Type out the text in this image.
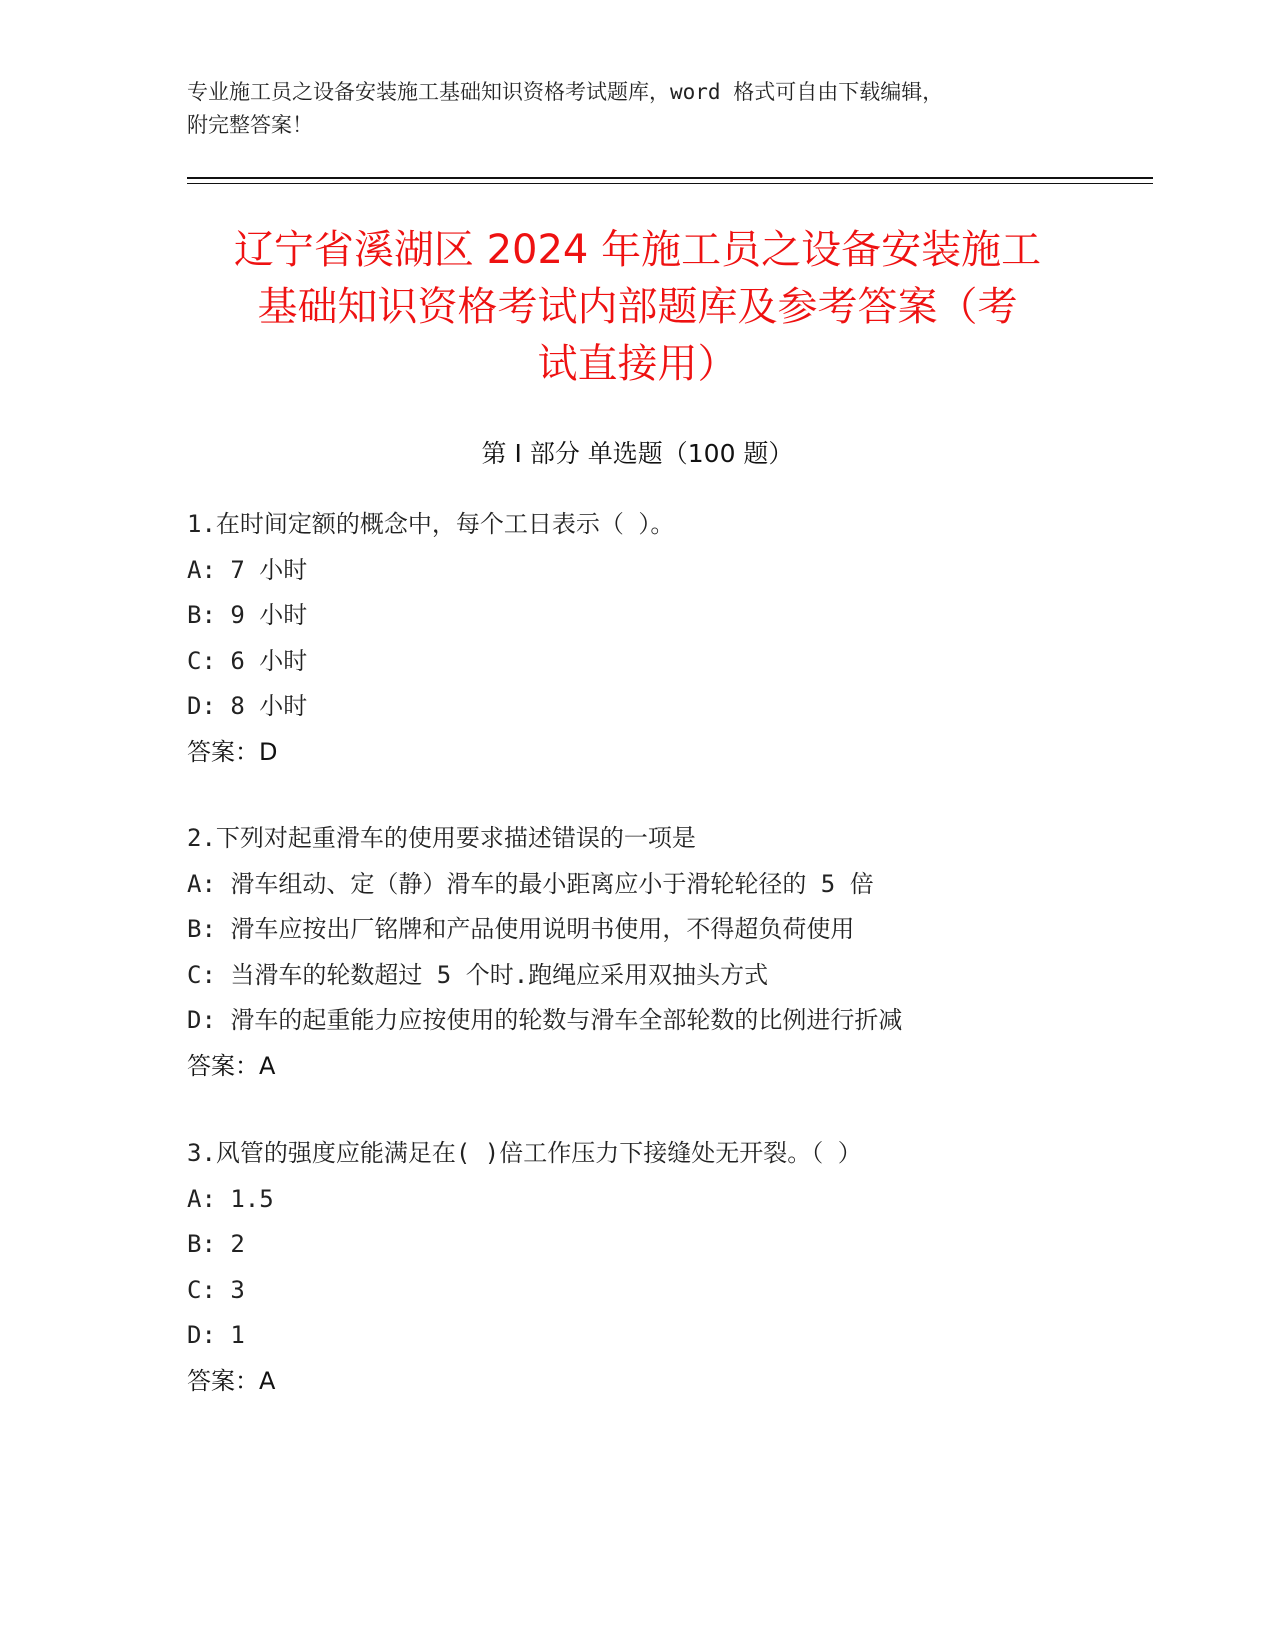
专业施工员之设备安装施工基础知识资格考试题库，word 格式可自由下载编辑，
附完整答案！
辽宁省溪湖区 2024 年施工员之设备安装施工
基础知识资格考试内部题库及参考答案（考
试直接用）
第 I 部分 单选题（100 题）
1.在时间定额的概念中，每个工日表示（ ）。
A: 7 小时
B: 9 小时
C: 6 小时
D: 8 小时
答案：D
2.下列对起重滑车的使用要求描述错误的一项是
A: 滑车组动、定（静）滑车的最小距离应小于滑轮轮径的 5 倍
B: 滑车应按出厂铭牌和产品使用说明书使用，不得超负荷使用
C: 当滑车的轮数超过 5 个时.跑绳应采用双抽头方式
D: 滑车的起重能力应按使用的轮数与滑车全部轮数的比例进行折减
答案：A
3.风管的强度应能满足在( )倍工作压力下接缝处无开裂。（ ）
A: 1.5
B: 2
C: 3
D: 1
答案：A
